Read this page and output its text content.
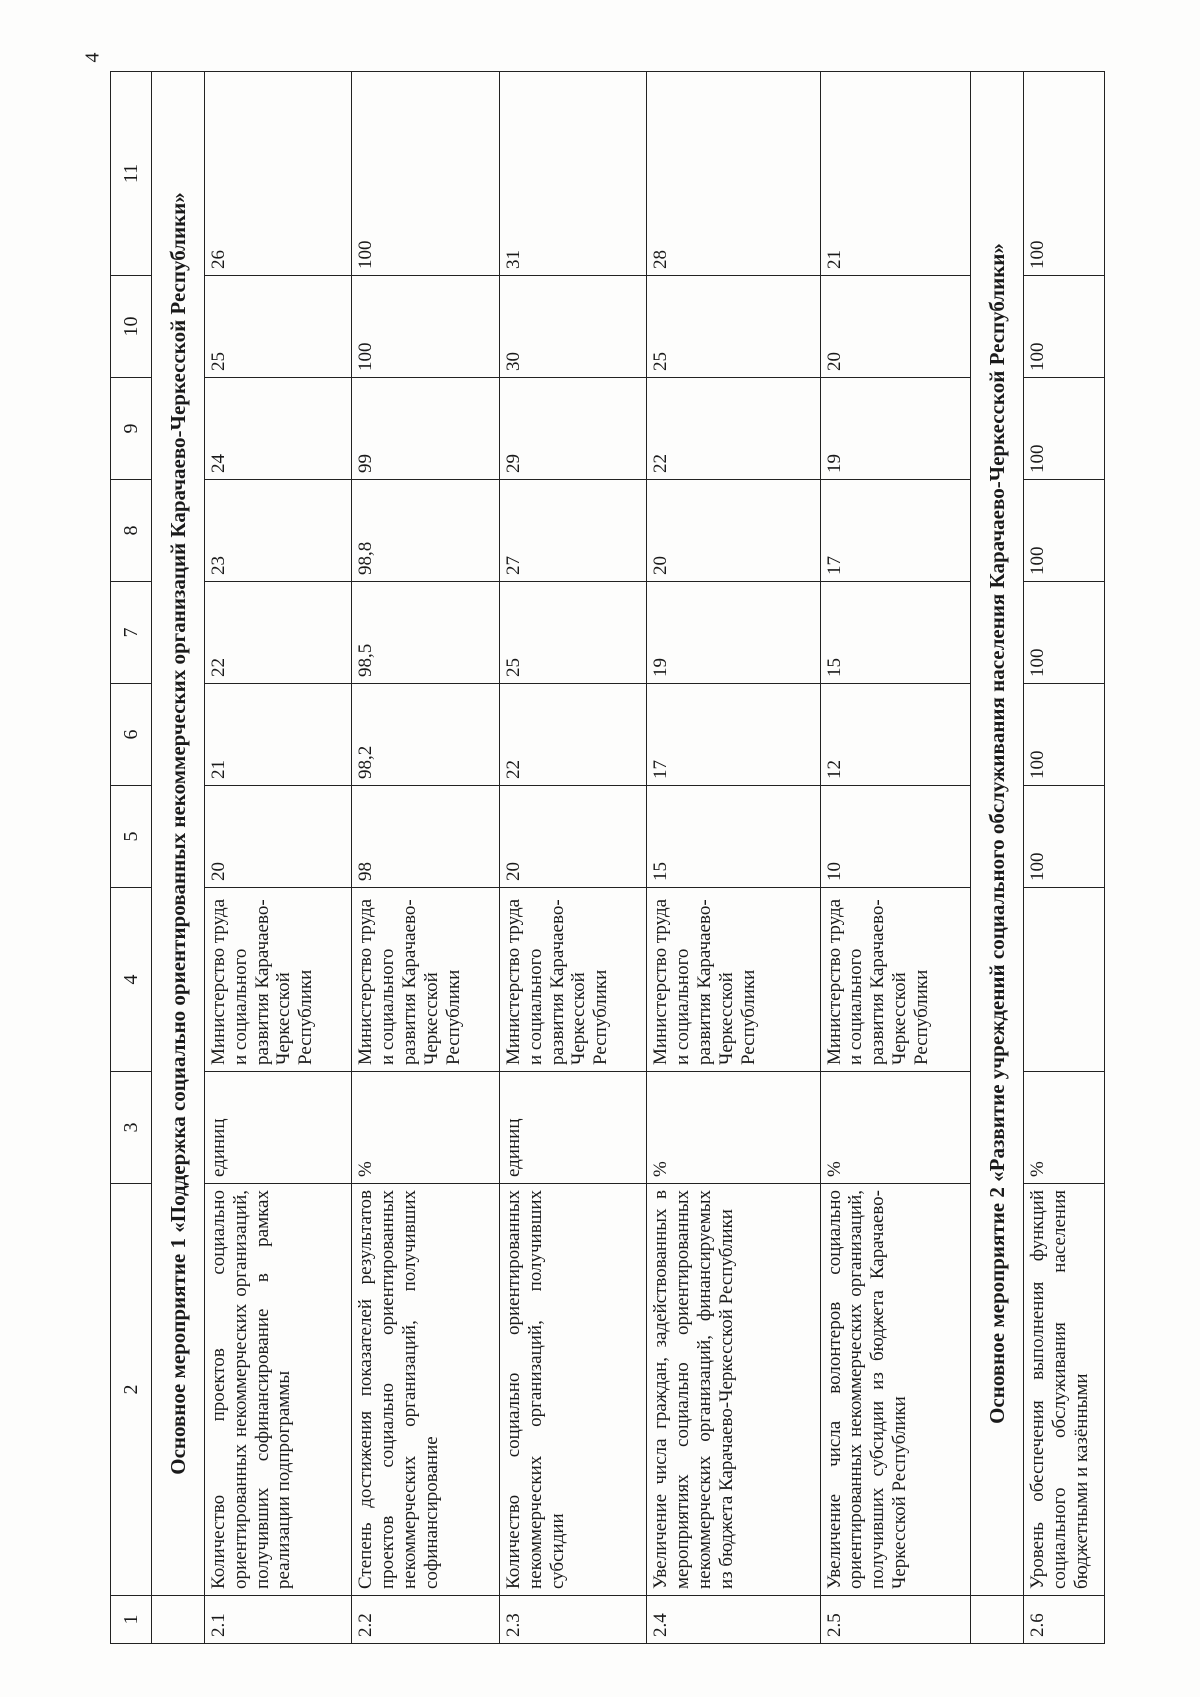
4
1	2	3	4	5	6	7	8	9	10	11
	Основное мероприятие 1 «Поддержка социально ориентированных некоммерческих организаций Карачаево-Черкесской Республики»									
2.1	Количество проектов социально ориентированных некоммерческих организаций, получивших софинансирование в рамках реализации подпрограммы	единиц	Министерство труда и социального развития Карачаево-Черкесской Республики	20	21	22	23	24	25	26
2.2	Степень достижения показателей результатов проектов социально ориентированных некоммерческих организаций, получивших софинансирование	%	Министерство труда и социального развития Карачаево-Черкесской Республики	98	98,2	98,5	98,8	99	100	100
2.3	Количество социально ориентированных некоммерческих организаций, получивших субсидии	единиц	Министерство труда и социального развития Карачаево-Черкесской Республики	20	22	25	27	29	30	31
2.4	Увеличение числа граждан, задействованных в мероприятиях социально ориентированных некоммерческих организаций, финансируемых из бюджета Карачаево-Черкесской Республики	%	Министерство труда и социального развития Карачаево-Черкесской Республики	15	17	19	20	22	25	28
2.5	Увеличение числа волонтеров социально ориентированных некоммерческих организаций, получивших субсидии из бюджета Карачаево-Черкесской Республики	%	Министерство труда и социального развития Карачаево-Черкесской Республики	10	12	15	17	19	20	21
	Основное мероприятие 2 «Развитие учреждений социального обслуживания населения Карачаево-Черкесской Республики»									
2.6	Уровень обеспечения выполнения функций социального обслуживания населения бюджетными и казёнными	%		100	100	100	100	100	100	100
